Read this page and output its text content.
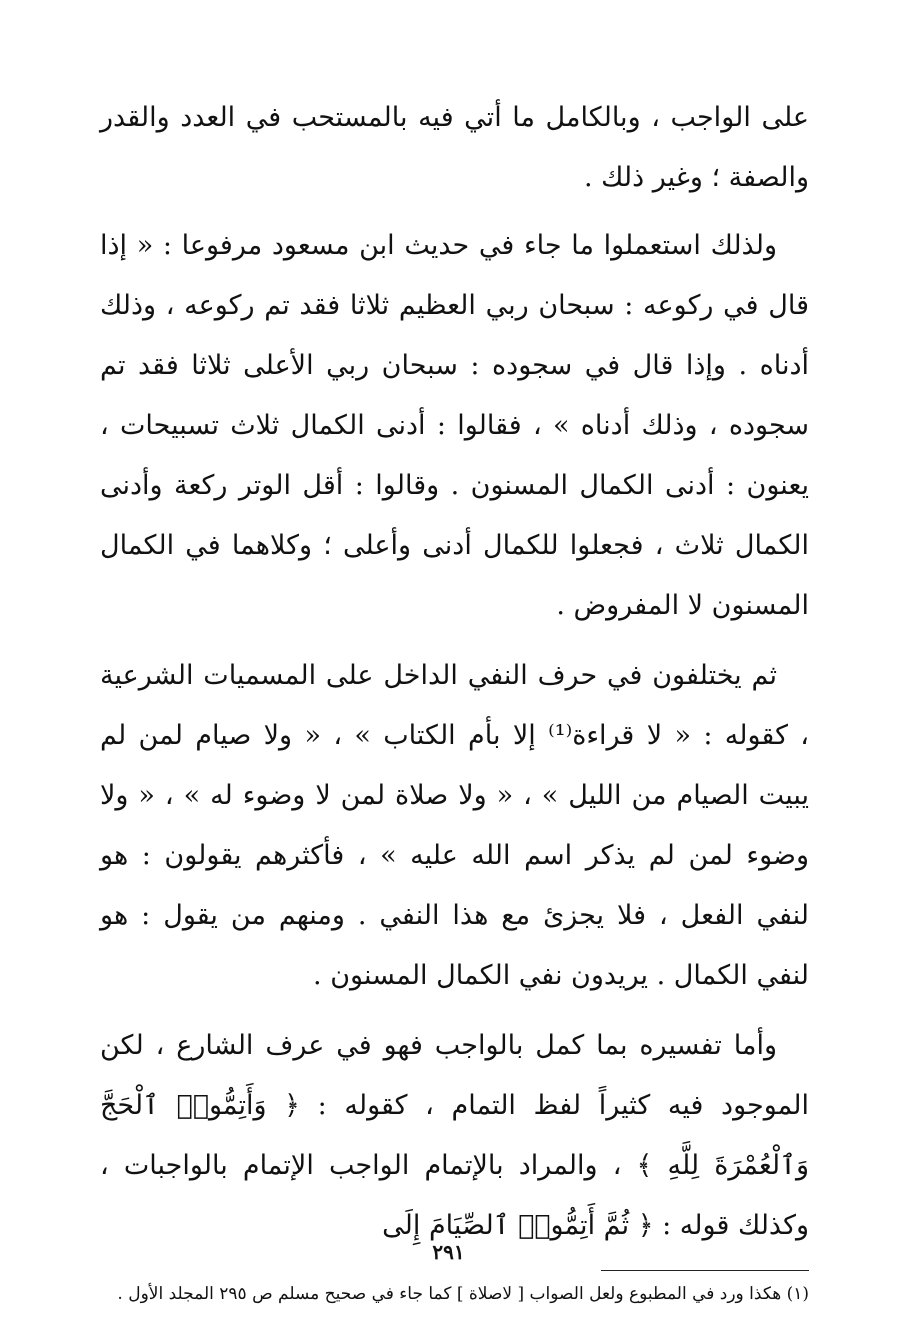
على الواجب ، وبالكامل ما أتي فيه بالمستحب في العدد والقدر والصفة ؛ وغير ذلك .

ولذلك استعملوا ما جاء في حديث ابن مسعود مرفوعا : « إذا قال في ركوعه : سبحان ربي العظيم ثلاثا فقد تم ركوعه ، وذلك أدناه . وإذا قال في سجوده : سبحان ربي الأعلى ثلاثا فقد تم سجوده ، وذلك أدناه » ، فقالوا : أدنى الكمال ثلاث تسبيحات ، يعنون : أدنى الكمال المسنون . وقالوا : أقل الوتر ركعة وأدنى الكمال ثلاث ، فجعلوا للكمال أدنى وأعلى ؛ وكلاهما في الكمال المسنون لا المفروض .

ثم يختلفون في حرف النفي الداخل على المسميات الشرعية ، كقوله : « لا قراءة⁽¹⁾ إلا بأم الكتاب » ، « ولا صيام لمن لم يبيت الصيام من الليل » ، « ولا صلاة لمن لا وضوء له » ، « ولا وضوء لمن لم يذكر اسم الله عليه » ، فأكثرهم يقولون : هو لنفي الفعل ، فلا يجزئ مع هذا النفي . ومنهم من يقول : هو لنفي الكمال . يريدون نفي الكمال المسنون .

وأما تفسيره بما كمل بالواجب فهو في عرف الشارع ، لكن الموجود فيه كثيراً لفظ التمام ، كقوله : ﴿ وَأَتِمُّوا۟ ٱلْحَجَّ وَٱلْعُمْرَةَ لِلَّهِ ﴾ ، والمراد بالإتمام الواجب الإتمام بالواجبات ، وكذلك قوله : ﴿ ثُمَّ أَتِمُّوا۟ ٱلصِّيَامَ إِلَى

(١) هكذا ورد في المطبوع ولعل الصواب [ لاصلاة ] كما جاء في صحيح مسلم ص ٢٩٥ المجلد الأول .

٢٩١
